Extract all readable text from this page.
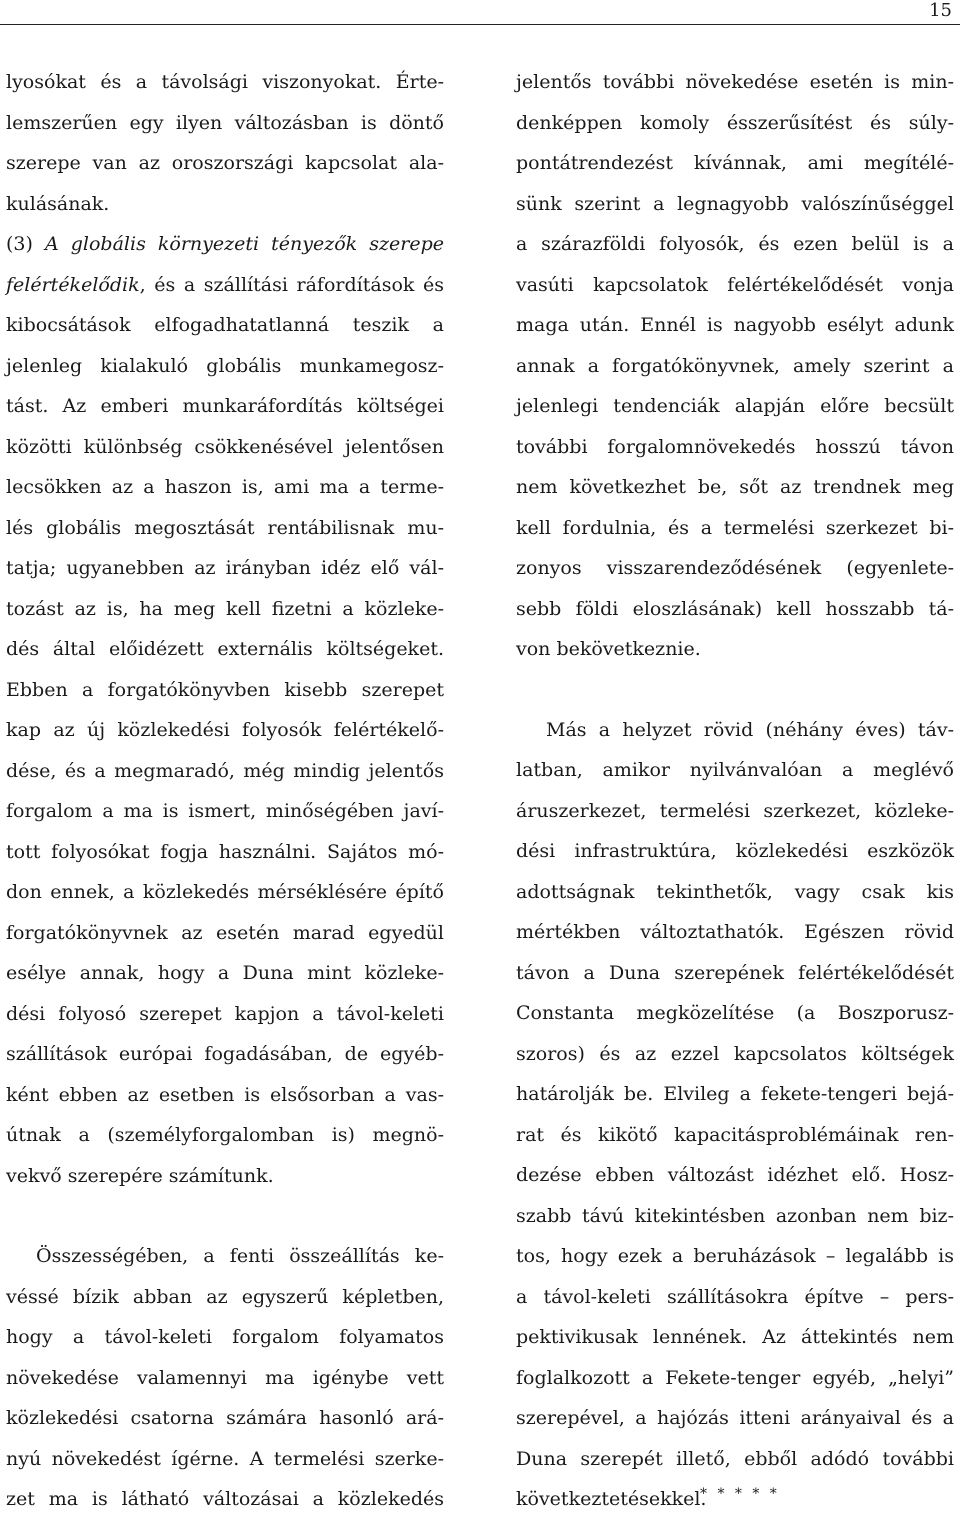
15
lyosókat és a távolsági viszonyokat. Érte-
lemszerűen egy ilyen változásban is döntő
szerepe van az oroszországi kapcsolat ala-
kulásának.
(3) A globális környezeti tényezők szerepe
felértékelődik, és a szállítási ráfordítások és
kibocsátások elfogadhatatlanná teszik a
jelenleg kialakuló globális munkamegosz-
tást. Az emberi munkaráfordítás költségei
közötti különbség csökkenésével jelentősen
lecsökken az a haszon is, ami ma a terme-
lés globális megosztását rentábilisnak mu-
tatja; ugyanebben az irányban idéz elő vál-
tozást az is, ha meg kell fizetni a közleke-
dés által előidézett externális költségeket.
Ebben a forgatókönyvben kisebb szerepet
kap az új közlekedési folyosók felértékelő-
dése, és a megmaradó, még mindig jelentős
forgalom a ma is ismert, minőségében javí-
tott folyosókat fogja használni. Sajátos mó-
don ennek, a közlekedés mérséklésére építő
forgatókönyvnek az esetén marad egyedül
esélye annak, hogy a Duna mint közleke-
dési folyosó szerepet kapjon a távol-keleti
szállítások európai fogadásában, de egyéb-
ként ebben az esetben is elsősorban a vas-
útnak a (személyforgalomban is) megnö-
vekvő szerepére számítunk.
Összességében, a fenti összeállítás ke-
véssé bízik abban az egyszerű képletben,
hogy a távol-keleti forgalom folyamatos
növekedése valamennyi ma igénybe vett
közlekedési csatorna számára hasonló ará-
nyú növekedést ígérne. A termelési szerke-
zet ma is látható változásai a közlekedés
jelentős további növekedése esetén is min-
denképpen komoly ésszerűsítést és súly-
pontátrendezést kívánnak, ami megítélé-
sünk szerint a legnagyobb valószínűséggel
a szárazföldi folyosók, és ezen belül is a
vasúti kapcsolatok felértékelődését vonja
maga után. Ennél is nagyobb esélyt adunk
annak a forgatókönyvnek, amely szerint a
jelenlegi tendenciák alapján előre becsült
további forgalomnövekedés hosszú távon
nem következhet be, sőt az trendnek meg
kell fordulnia, és a termelési szerkezet bi-
zonyos visszarendeződésének (egyenlete-
sebb földi eloszlásának) kell hosszabb tá-
von bekövetkeznie.
Más a helyzet rövid (néhány éves) táv-
latban, amikor nyilvánvalóan a meglévő
áruszerkezet, termelési szerkezet, közleke-
dési infrastruktúra, közlekedési eszközök
adottságnak tekinthetők, vagy csak kis
mértékben változtathatók. Egészen rövid
távon a Duna szerepének felértékelődését
Constanta megközelítése (a Boszporusz-
szoros) és az ezzel kapcsolatos költségek
határolják be. Elvileg a fekete-tengeri bejá-
rat és kikötő kapacitásproblémáinak ren-
dezése ebben változást idézhet elő. Hosz-
szabb távú kitekintésben azonban nem biz-
tos, hogy ezek a beruházások – legalább is
a távol-keleti szállításokra építve – pers-
pektivikusak lennének. Az áttekintés nem
foglalkozott a Fekete-tenger egyéb, „helyi”
szerepével, a hajózás itteni arányaival és a
Duna szerepét illető, ebből adódó további
következtetésekkel.
* * * * *
